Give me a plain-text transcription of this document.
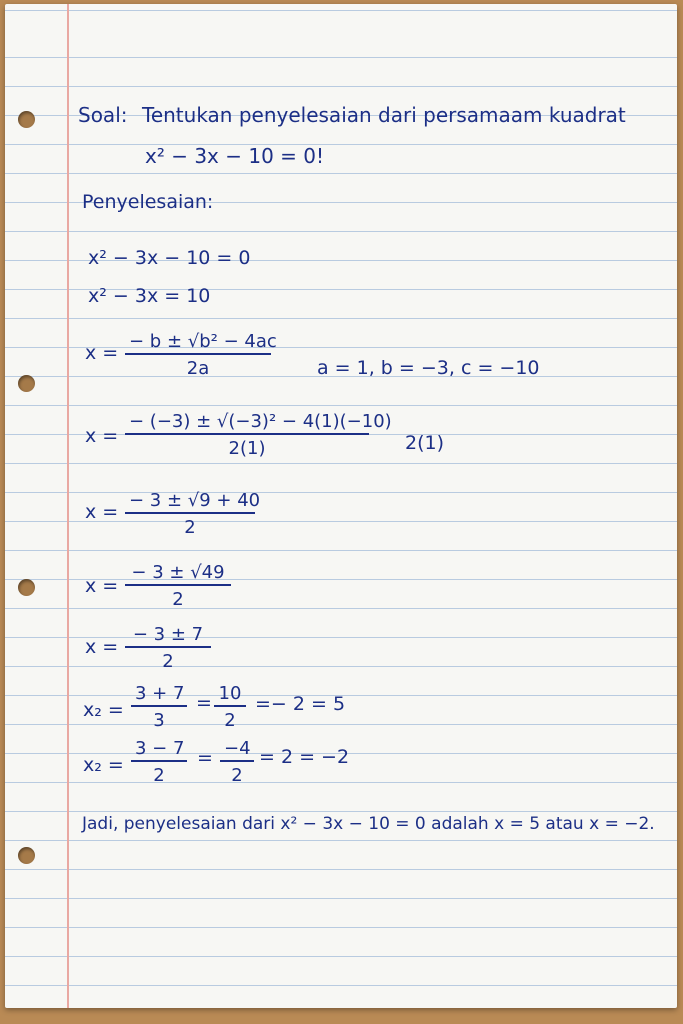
Soal: Tentukan penyelesaian dari persamaam kuadrat
x² − 3x − 10 = 0!
Penyelesaian:
x² − 3x − 10 = 0
x² − 3x = 10
$x = \frac{\text{− b ± √b² − 4ac}}{2a}$ a = 1, b = −3, c = −10
$x = \frac{\text{− (−3) ± √(−3)² − 4(1)(−10)}}{2(1)} 2(1)$
$x = \frac{- 3 \pm √9 + 40}{2}$
$x = \frac{- 3 \pm √49}{2}$
$x = \frac{- 3 \pm 7}{2}$
$x_2 = \frac{3 + 7}{3} = \frac{10}{2} =- 2 = 5$
$x_2 = \frac{3 - 7}{2} = \frac{-4}{2} = 2 = -2$
Jadi, penyelesaian dari x² − 3x − 10 = 0 adalah x = 5 atau x = −2.
